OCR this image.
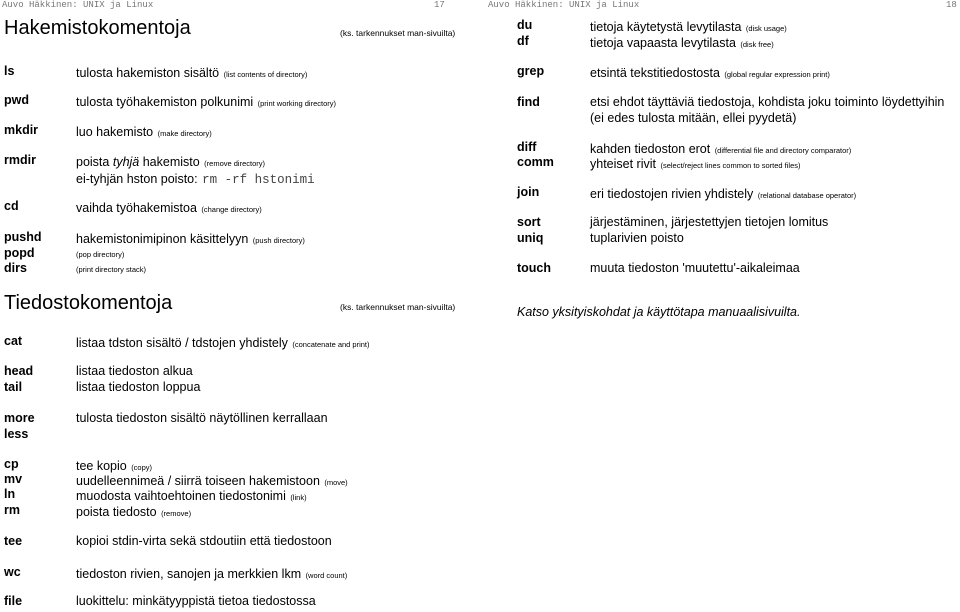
Auvo Häkkinen: UNIX ja Linux	17
Hakemistokomentoja	(ks. tarkennukset man-sivuilta)
ls	tulosta hakemiston sisältö (list contents of directory)
pwd	tulosta työhakemiston polkunimi (print working directory)
mkdir	luo hakemisto (make directory)
rmdir	poista tyhjä hakemisto (remove directory)
ei-tyhjän hston poisto: rm -rf hstonimi
cd	vaihda työhakemistoa (change directory)
pushd	hakemistonimipinon käsittelyyn (push directory)
popd	(pop directory)
dirs	(print directory stack)
Tiedostokomentoja	(ks. tarkennukset man-sivuilta)
cat	listaa tdston sisältö / tdstojen yhdistely (concatenate and print)
head	listaa tiedoston alkua
tail	listaa tiedoston loppua
more	tulosta tiedoston sisältö näytöllinen kerrallaan
less
cp	tee kopio (copy)
mv	uudelleennimeä / siirrä toiseen hakemistoon (move)
ln	muodosta vaihtoehtoinen tiedostonimi (link)
rm	poista tiedosto (remove)
tee	kopioi stdin-virta sekä stdoutiin että tiedostoon
wc	tiedoston rivien, sanojen ja merkkien lkm (word count)
file	luokittelu: minkätyyppistä tietoa tiedostossa
Auvo Häkkinen: UNIX ja Linux	18
du	tietoja käytetystä levytilasta (disk usage)
df	tietoja vapaasta levytilasta (disk free)
grep	etsintä tekstitiedostosta (global regular expression print)
find	etsi ehdot täyttäviä tiedostoja, kohdista joku toiminto löydettyihin
(ei edes tulosta mitään, ellei pyydetä)
diff	kahden tiedoston erot (differential file and directory comparator)
comm	yhteiset rivit (select/reject lines common to sorted files)
join	eri tiedostojen rivien yhdistely (relational database operator)
sort	järjestäminen, järjestettyjen tietojen lomitus
uniq	tuplarivien poisto
touch	muuta tiedoston 'muutettu'-aikaleimaa
Katso yksityiskohdat ja käyttötapa manuaalisivuilta.
